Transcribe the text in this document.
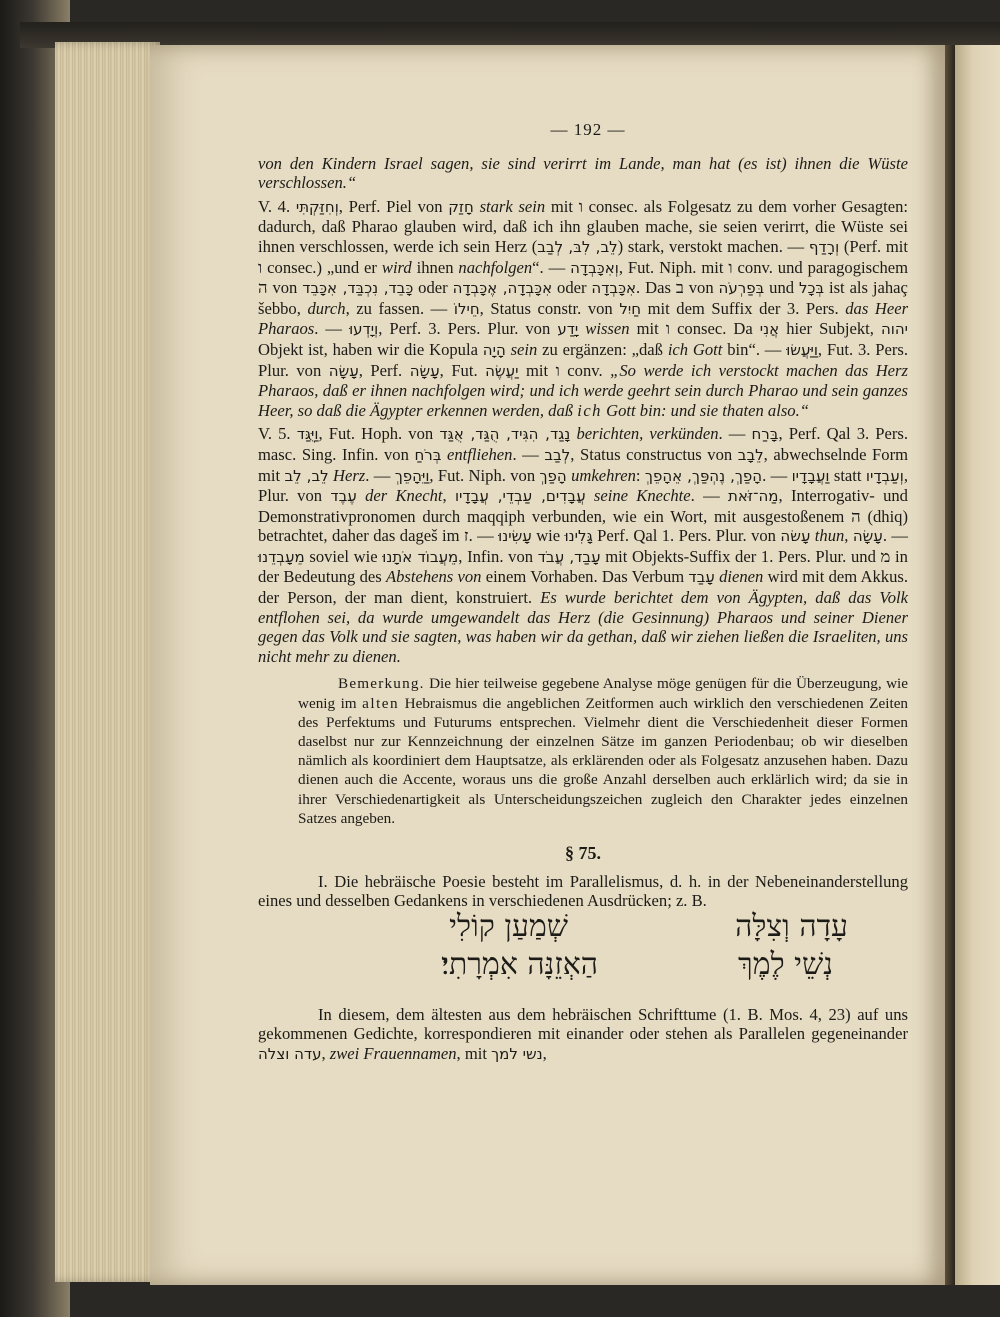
— 192 —

von den Kindern Israel sagen, sie sind verirrt im Lande, man hat (es ist) ihnen die Wüste verschlossen.“

V. 4. וְחִזַּקְתִּי, Perf. Piel von חָזַק stark sein mit ו consec. als Folgesatz zu dem vorher Gesagten: dadurch, daß Pharao glauben wird, daß ich ihn glauben mache, sie seien verirrt, die Wüste sei ihnen verschlossen, werde ich sein Herz (לֵב, לִבּ, לְבַב) stark, verstokt machen. — וְרָדַף (Perf. mit ו consec.) „und er wird ihnen nachfolgen“. — וְאִכָּבְדָה, Fut. Niph. mit ו conv. und paragogischem ה von כָּבֵד, נִכְבַּד, אִכָּבֵד oder אִכָּבְדָה, אֶכָּבְדָה oder אִכָּבְדָה. Das ב von בְּפַרְעֹה und בְּכָל ist als jahaç šebbo, durch, zu fassen. — חֵילוֹ, Status constr. von חַיִל mit dem Suffix der 3. Pers. das Heer Pharaos. — וְיָדְעוּ, Perf. 3. Pers. Plur. von יָדַע wissen mit ו consec. Da אֲנִי hier Subjekt, יהוה Objekt ist, haben wir die Kopula הָיָה sein zu ergänzen: „daß ich Gott bin“. — וַיַּעֲשׂוּ, Fut. 3. Pers. Plur. von עָשָׂה, Perf. עָשָׂה, Fut. יַעֲשֶׂה mit ו conv. „So werde ich verstockt machen das Herz Pharaos, daß er ihnen nachfolgen wird; und ich werde geehrt sein durch Pharao und sein ganzes Heer, so daß die Ägypter erkennen werden, daß ich Gott bin: und sie thaten also.“

V. 5. וַיֻּגַּד, Fut. Hoph. von נָגַד, הִגִּיד, הֻגַּד, אֻגַּד berichten, verkünden. — בָּרַח, Perf. Qal 3. Pers. masc. Sing. Infin. von בְּרֹחַ entfliehen. — לְבַב, Status constructus von לֵבָב, abwechselnde Form mit לֵב, לֵב Herz. — וַיֵּהָפֵךְ, Fut. Niph. von הָפַךְ umkehren: הָפַךְ, נֶהְפַּךְ, אֵהָפֵךְ. — וַעֲבָדָיו statt וְעַבְדָיו, Plur. von עֶבֶד der Knecht, עֲבָדִים, עַבְדֵי, עֲבָדָיו seine Knechte. — מַה־זֹּאת, Interrogativ- und Demonstrativpronomen durch maqqiph verbunden, wie ein Wort, mit ausgestoßenem ה (dhiq) betrachtet, daher das dageš im ז. — עָשִׂינוּ wie גָּלִינוּ Perf. Qal 1. Pers. Plur. von עָשׂה thun, עָשָׂה. — מֵעָבְדֵנוּ soviel wie מֵעֲבוֹד אֹתָנוּ, Infin. von עָבַד, עֲבֹד mit Objekts-Suffix der 1. Pers. Plur. und מ in der Bedeutung des Abstehens von einem Vorhaben. Das Verbum עָבַד dienen wird mit dem Akkus. der Person, der man dient, konstruiert. Es wurde berichtet dem von Ägypten, daß das Volk entflohen sei, da wurde umgewandelt das Herz (die Gesinnung) Pharaos und seiner Diener gegen das Volk und sie sagten, was haben wir da gethan, daß wir ziehen ließen die Israeliten, uns nicht mehr zu dienen.

Bemerkung. Die hier teilweise gegebene Analyse möge genügen für die Überzeugung, wie wenig im alten Hebraismus die angeblichen Zeitformen auch wirklich den verschiedenen Zeiten des Perfektums und Futurums entsprechen. Vielmehr dient die Verschiedenheit dieser Formen daselbst nur zur Kennzeichnung der einzelnen Sätze im ganzen Periodenbau; ob wir dieselben nämlich als koordiniert dem Hauptsatze, als erklärenden oder als Folgesatz anzusehen haben. Dazu dienen auch die Accente, woraus uns die große Anzahl derselben auch erklärlich wird; da sie in ihrer Verschiedenartigkeit als Unterscheidungszeichen zugleich den Charakter jedes einzelnen Satzes angeben.

§ 75.

I. Die hebräische Poesie besteht im Parallelismus, d. h. in der Nebeneinanderstellung eines und desselben Gedankens in verschiedenen Ausdrücken; z. B.

עָדָה וְצִלָּה
שְׁמַעַן קוֹלִי
נְשֵׁי לֶמֶךְ
הַאְזֵנָּה אִמְרָתִי׃

In diesem, dem ältesten aus dem hebräischen Schrifttume (1. B. Mos. 4, 23) auf uns gekommenen Gedichte, korrespondieren mit einander oder stehen als Parallelen gegeneinander עדה וצלה, zwei Frauennamen, mit נשי למך,
